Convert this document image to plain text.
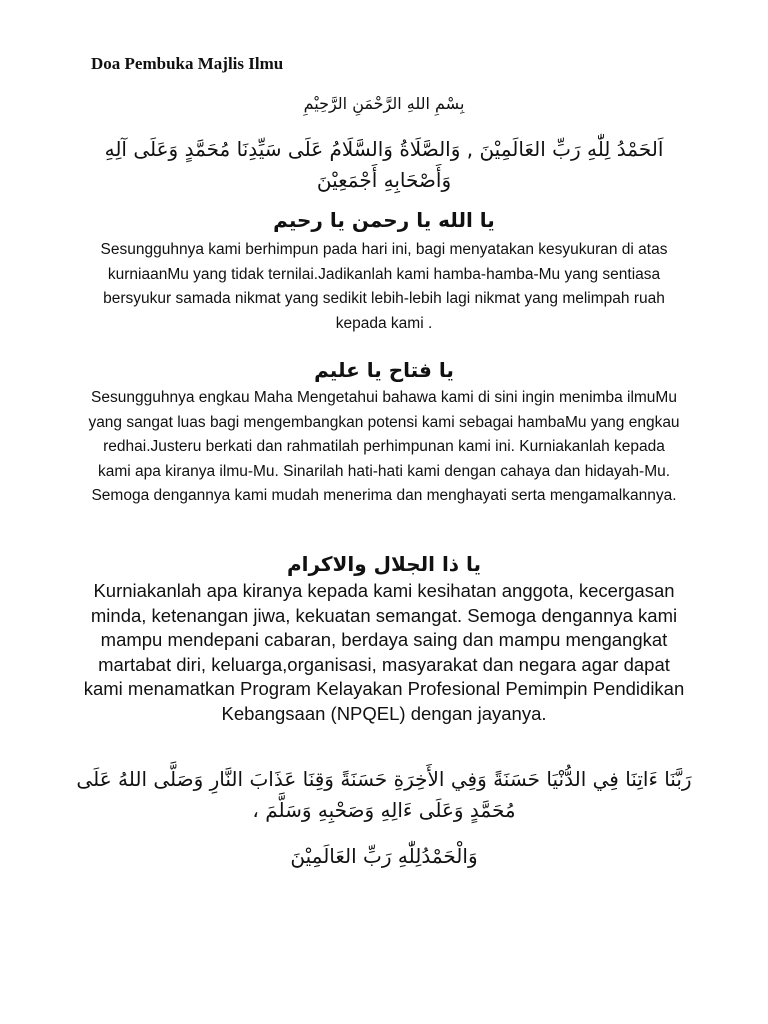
Doa Pembuka Majlis Ilmu

بِسْمِ اللهِ الرَّحْمَنِ الرَّحِيْمِ

اَلحَمْدُ لِلّٰهِ رَبِّ العَالَمِيْنَ , وَالصَّلَاةُ وَالسَّلَامُ عَلَى سَيِّدِنَا مُحَمَّدٍ وَعَلَى آلِهِ وَأَصْحَابِهِ أَجْمَعِيْنَ

يا الله يا رحمن يا رحيم

Sesungguhnya kami berhimpun pada hari ini, bagi menyatakan kesyukuran di atas kurniaanMu yang tidak ternilai.Jadikanlah kami hamba-hamba-Mu yang sentiasa bersyukur samada nikmat yang sedikit lebih-lebih lagi nikmat yang melimpah ruah kepada kami .

يا فتاح يا عليم

Sesungguhnya engkau Maha Mengetahui bahawa kami di sini ingin menimba ilmuMu yang sangat luas bagi mengembangkan potensi kami sebagai hambaMu yang engkau redhai.Justeru berkati dan rahmatilah perhimpunan kami ini. Kurniakanlah kepada kami apa kiranya ilmu-Mu. Sinarilah hati-hati kami dengan cahaya dan hidayah-Mu. Semoga dengannya kami mudah menerima dan menghayati serta mengamalkannya.

يا ذا الجلال والاكرام

Kurniakanlah apa kiranya kepada kami kesihatan anggota, kecergasan minda, ketenangan jiwa, kekuatan semangat. Semoga dengannya kami mampu mendepani cabaran, berdaya saing dan mampu mengangkat martabat diri, keluarga,organisasi, masyarakat dan negara agar dapat kami menamatkan Program Kelayakan Profesional Pemimpin Pendidikan Kebangsaan (NPQEL) dengan jayanya.

رَبَّنَا ءَاتِنَا فِي الدُّنْيَا حَسَنَةً وَفِي الأَخِرَةِ حَسَنَةً وَقِنَا عَذَابَ النَّارِ وَصَلَّى اللهُ عَلَى مُحَمَّدٍ وَعَلَى ءَالِهِ وَصَحْبِهِ وَسَلَّمَ ،

وَالْحَمْدُلِلّٰهِ رَبِّ العَالَمِيْنَ
